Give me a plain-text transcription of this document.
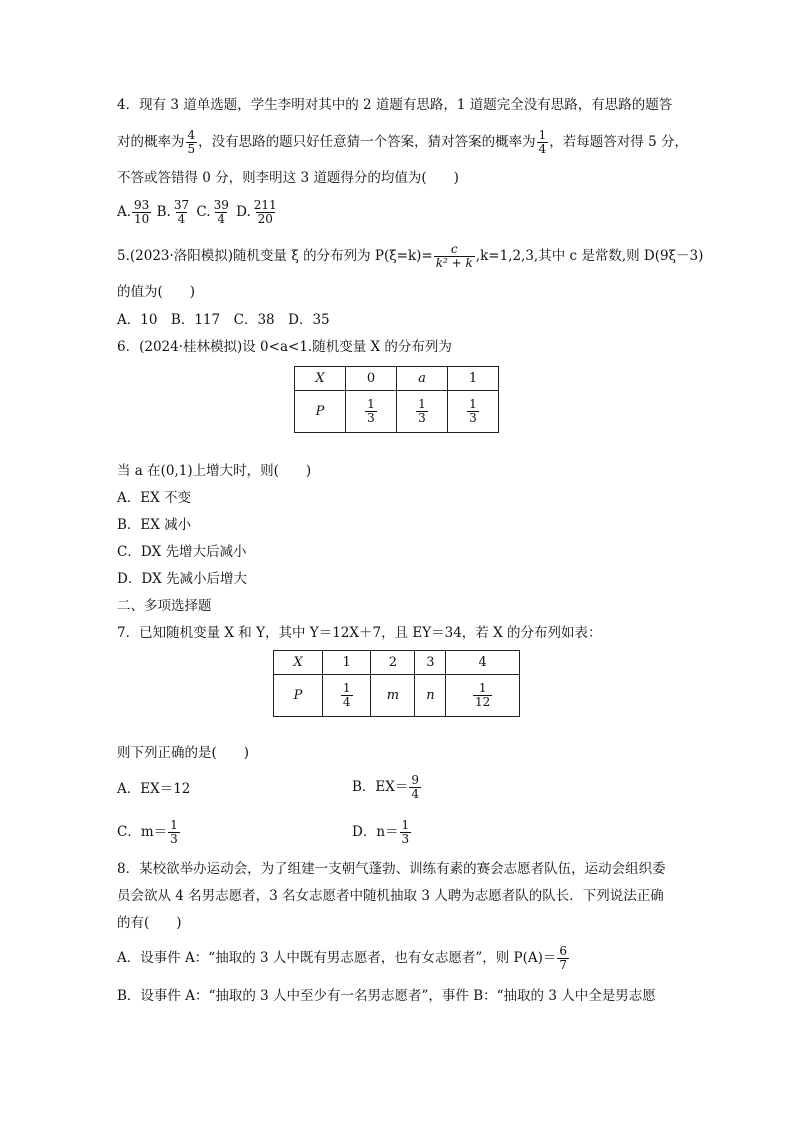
4．现有 3 道单选题，学生李明对其中的 2 道题有思路，1 道题完全没有思路，有思路的题答
对的概率为 $\frac{4}{5}$ ，没有思路的题只好任意猜一个答案，猜对答案的概率为 $\frac{1}{4}$ ，若每题答对得 5 分，
不答或答错得 0 分，则李明这 3 道题得分的均值为(　　)
A. $\frac{93}{10} B$. $\frac{37}{4} C$. $\frac{39}{4} D$. $\frac{211}{20}$
5.(2023·洛阳模拟)随机变量 ξ 的分布列为 $P(\xi=k)= \frac{c}{\text{k² + k}} ,k=1,2,3$,其中 c 是常数,则 D(9ξ－3)
的值为(　　)
A．10　B．117　C．38　D．35
6．(2024·桂林模拟)设 0<a<1.随机变量 X 的分布列为
X	0	a	1
P	$\frac{1}{3}$	$\frac{1}{3}$	$\frac{1}{3}$
当 a 在(0,1)上增大时，则(　　)
A．EX 不变
B．EX 减小
C．DX 先增大后减小
D．DX 先减小后增大
二、多项选择题
7．已知随机变量 X 和 Y，其中 Y＝12X＋7，且 EY＝34，若 X 的分布列如表：
X	1	2	3	4
P	$\frac{1}{4}$	m	n	$\frac{1}{12}$
则下列正确的是(　　)
A．EX＝12	B．$EX= \frac{9}{4}$
C．$m= \frac{1}{3}$	D．$n= \frac{1}{3}$
8．某校欲举办运动会，为了组建一支朝气蓬勃、训练有素的赛会志愿者队伍，运动会组织委
员会欲从 4 名男志愿者，3 名女志愿者中随机抽取 3 人聘为志愿者队的队长．下列说法正确
的有(　　)
A．设事件 A：“抽取的 3 人中既有男志愿者，也有女志愿者”，则 $P(A)= \frac{6}{7}$
B．设事件 A：“抽取的 3 人中至少有一名男志愿者”，事件 B：“抽取的 3 人中全是男志愿
